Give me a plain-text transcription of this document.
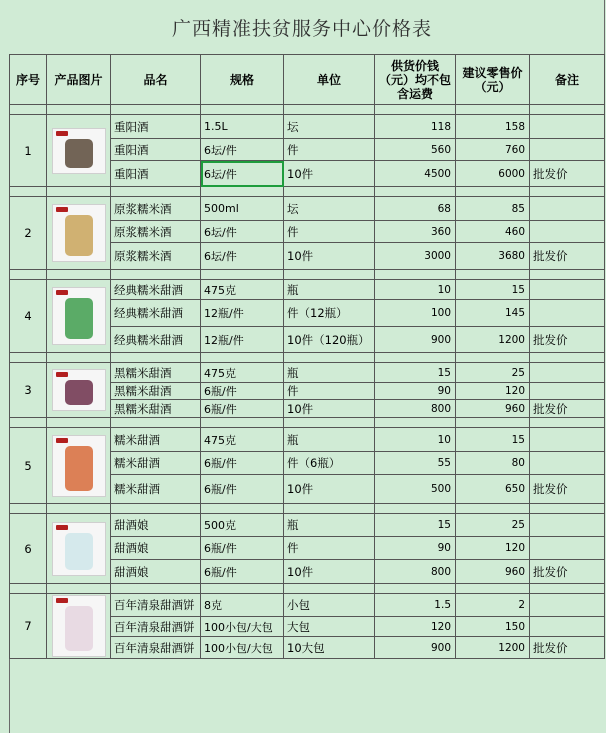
广西精准扶贫服务中心价格表
序号	产品图片	品名	规格	单位	供货价钱（元）均不包含运费	建议零售价（元）	备注

1		重阳酒	1.5L	坛	118	158	
		重阳酒	6坛/件	件	560	760	
		重阳酒	6坛/件	10件	4500	6000	批发价

2		原浆糯米酒	500ml	坛	68	85	
		原浆糯米酒	6坛/件	件	360	460	
		原浆糯米酒	6坛/件	10件	3000	3680	批发价

4		经典糯米甜酒	475克	瓶	10	15	
		经典糯米甜酒	12瓶/件	件（12瓶）	100	145	
		经典糯米甜酒	12瓶/件	10件（120瓶）	900	1200	批发价

3		黑糯米甜酒	475克	瓶	15	25	
		黑糯米甜酒	6瓶/件	件	90	120	
		黑糯米甜酒	6瓶/件	10件	800	960	批发价

5		糯米甜酒	475克	瓶	10	15	
		糯米甜酒	6瓶/件	件（6瓶）	55	80	
		糯米甜酒	6瓶/件	10件	500	650	批发价

6		甜酒娘	500克	瓶	15	25	
		甜酒娘	6瓶/件	件	90	120	
		甜酒娘	6瓶/件	10件	800	960	批发价

7		百年清泉甜酒饼	8克	小包	1.5	2	
		百年清泉甜酒饼	100小包/大包	大包	120	150	
		百年清泉甜酒饼	100小包/大包	10大包	900	1200	批发价
